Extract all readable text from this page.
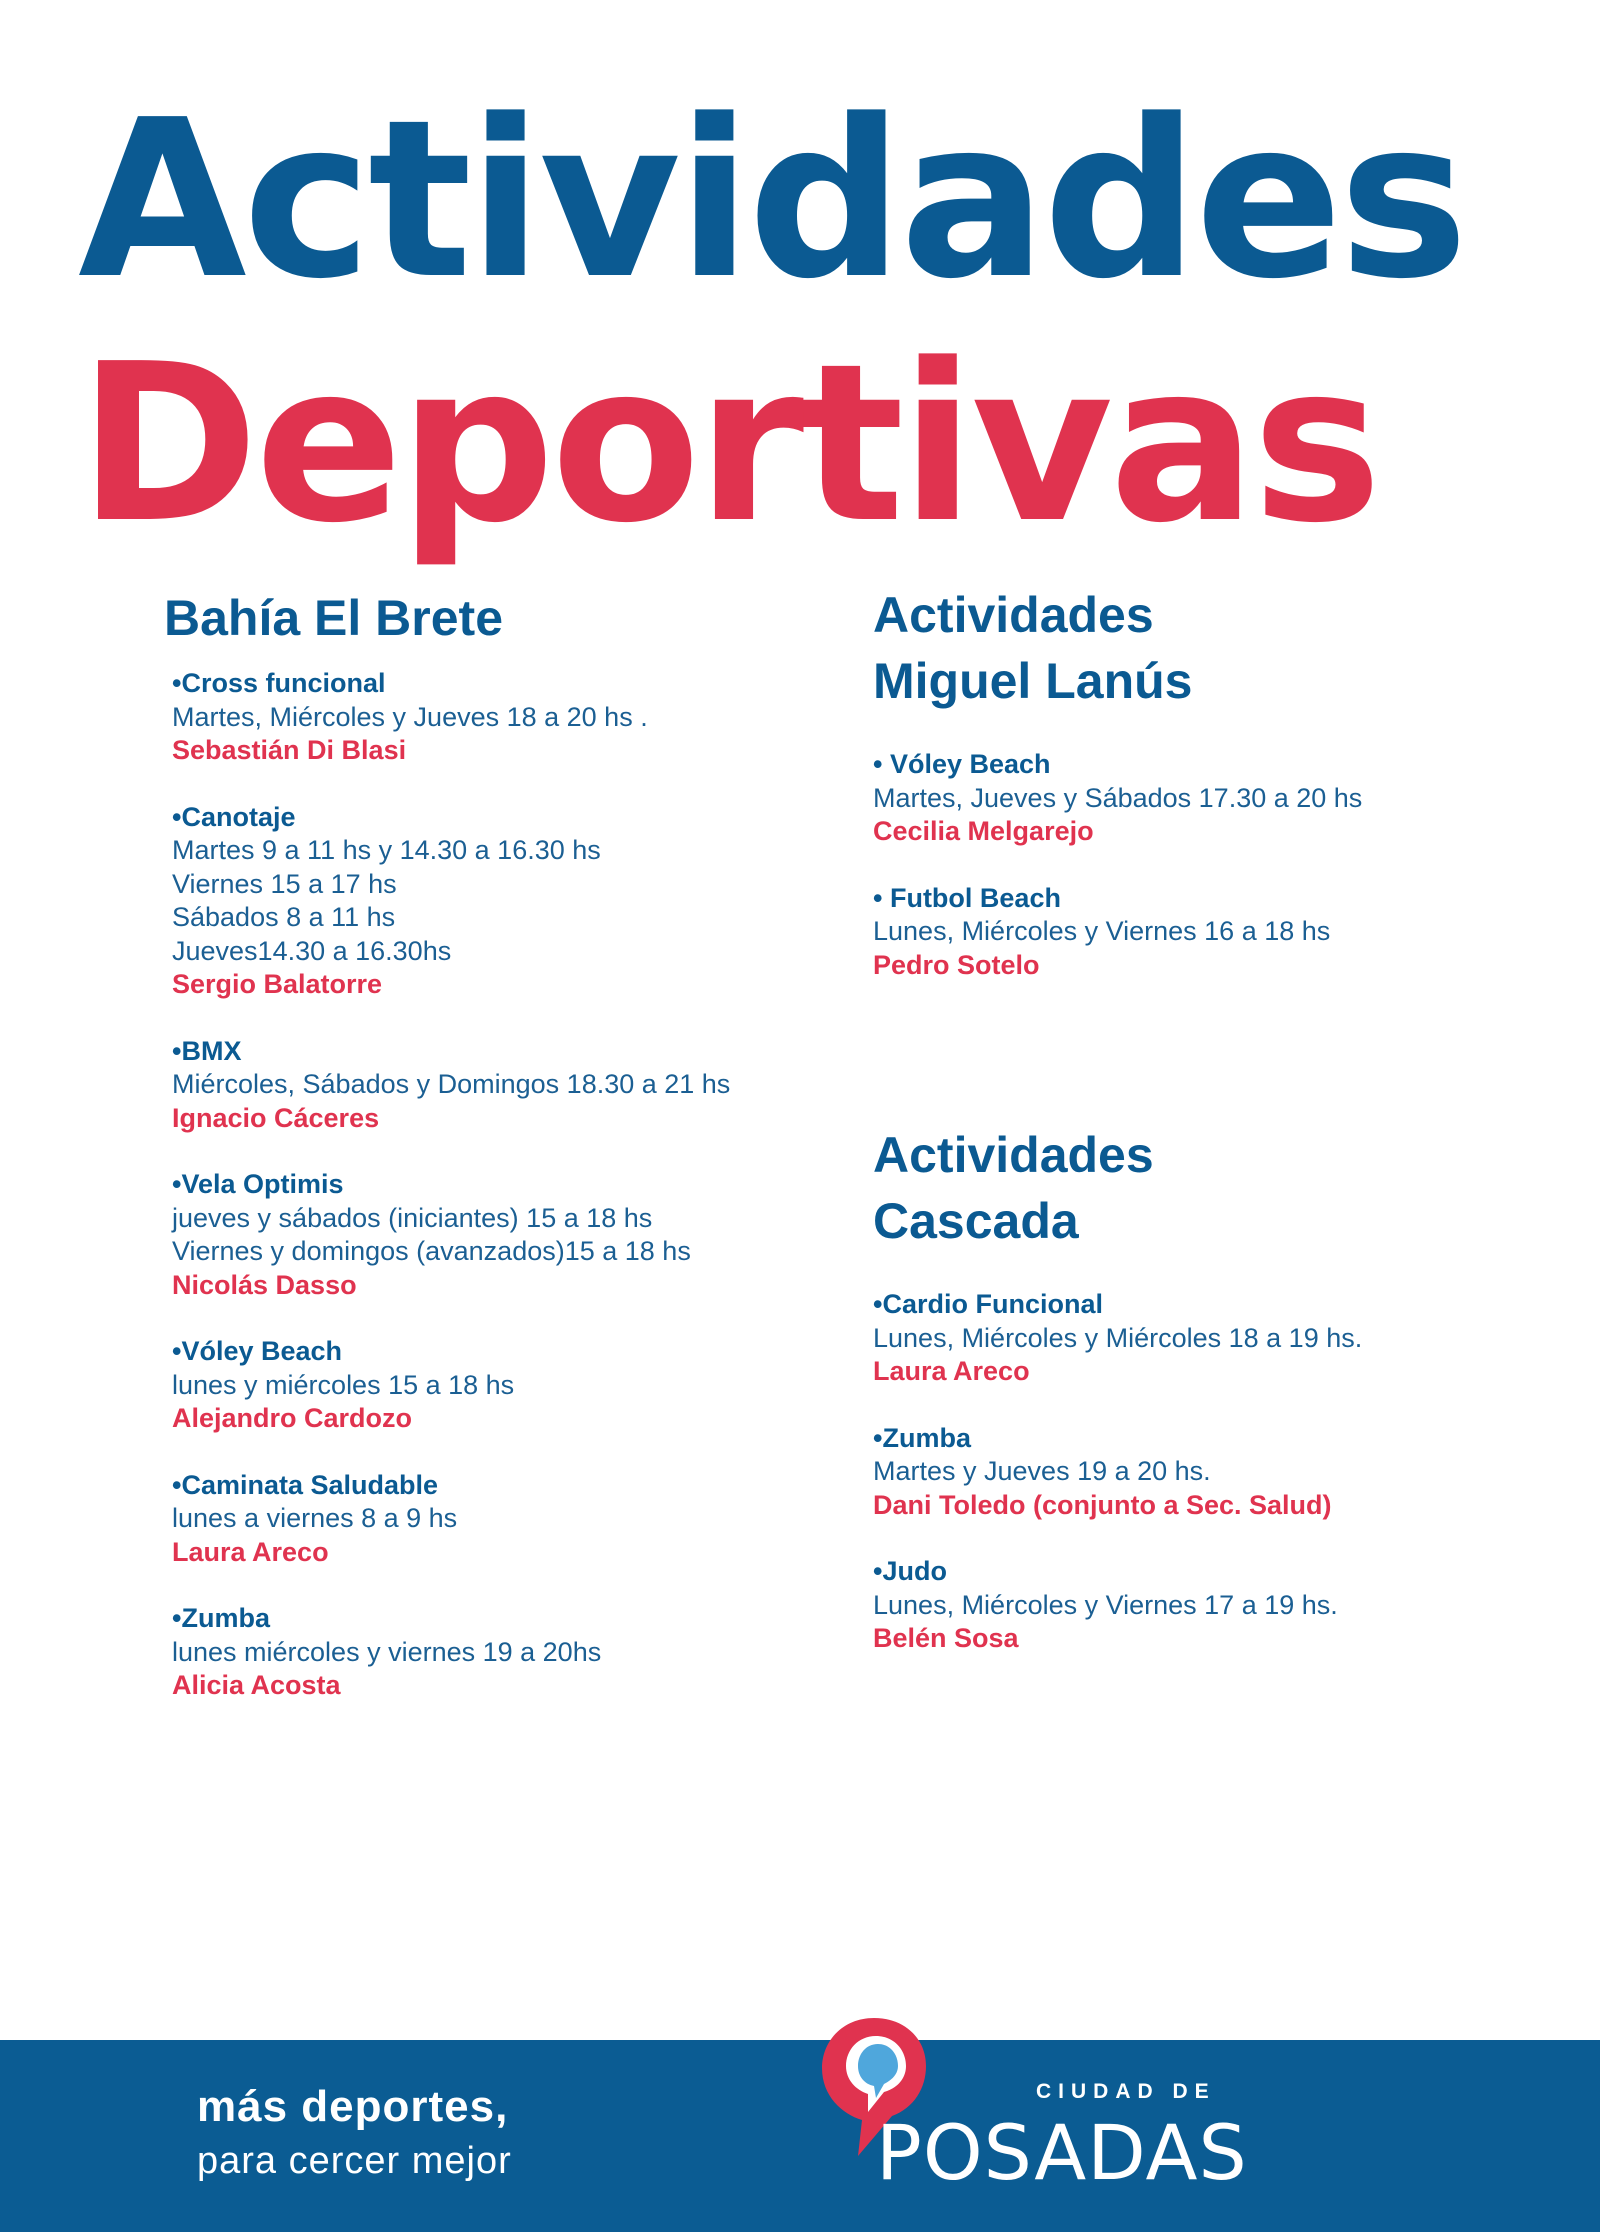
Actividades
Deportivas
Bahía El Brete
•Cross funcional
Martes, Miércoles y Jueves 18 a 20 hs .
Sebastián Di Blasi
•Canotaje
Martes 9 a 11 hs y 14.30 a 16.30 hs
Viernes 15 a 17 hs
Sábados 8 a 11 hs
Jueves14.30 a 16.30hs
Sergio Balatorre
•BMX
Miércoles, Sábados y Domingos 18.30 a 21 hs
Ignacio Cáceres
•Vela Optimis
jueves y sábados (iniciantes) 15 a 18 hs
Viernes y domingos (avanzados)15 a 18 hs
Nicolás Dasso
•Vóley Beach
lunes y miércoles 15 a 18 hs
Alejandro Cardozo
•Caminata Saludable
lunes a viernes 8 a 9 hs
Laura Areco
•Zumba
lunes miércoles y viernes 19 a 20hs
Alicia Acosta
Actividades
Miguel Lanús
• Vóley Beach
Martes, Jueves y Sábados 17.30 a 20 hs
Cecilia Melgarejo
• Futbol Beach
Lunes, Miércoles y Viernes 16 a 18 hs
Pedro Sotelo
Actividades
Cascada
•Cardio Funcional
Lunes, Miércoles y Miércoles 18 a 19 hs.
Laura Areco
•Zumba
Martes y Jueves 19 a 20 hs.
Dani Toledo (conjunto a Sec. Salud)
•Judo
Lunes, Miércoles y Viernes 17 a 19 hs.
Belén Sosa
más deportes,
para cercer mejor
CIUDAD DE
POSADAS
